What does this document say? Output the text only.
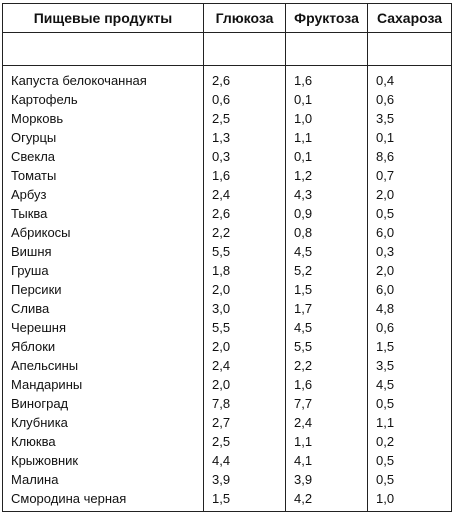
Пищевые продукты	Глюкоза	Фруктоза	Сахароза

Капуста белокочанная	2,6	1,6	0,4
Картофель	0,6	0,1	0,6
Морковь	2,5	1,0	3,5
Огурцы	1,3	1,1	0,1
Свекла	0,3	0,1	8,6
Томаты	1,6	1,2	0,7
Арбуз	2,4	4,3	2,0
Тыква	2,6	0,9	0,5
Абрикосы	2,2	0,8	6,0
Вишня	5,5	4,5	0,3
Груша	1,8	5,2	2,0
Персики	2,0	1,5	6,0
Слива	3,0	1,7	4,8
Черешня	5,5	4,5	0,6
Яблоки	2,0	5,5	1,5
Апельсины	2,4	2,2	3,5
Мандарины	2,0	1,6	4,5
Виноград	7,8	7,7	0,5
Клубника	2,7	2,4	1,1
Клюква	2,5	1,1	0,2
Крыжовник	4,4	4,1	0,5
Малина	3,9	3,9	0,5
Смородина черная	1,5	4,2	1,0
